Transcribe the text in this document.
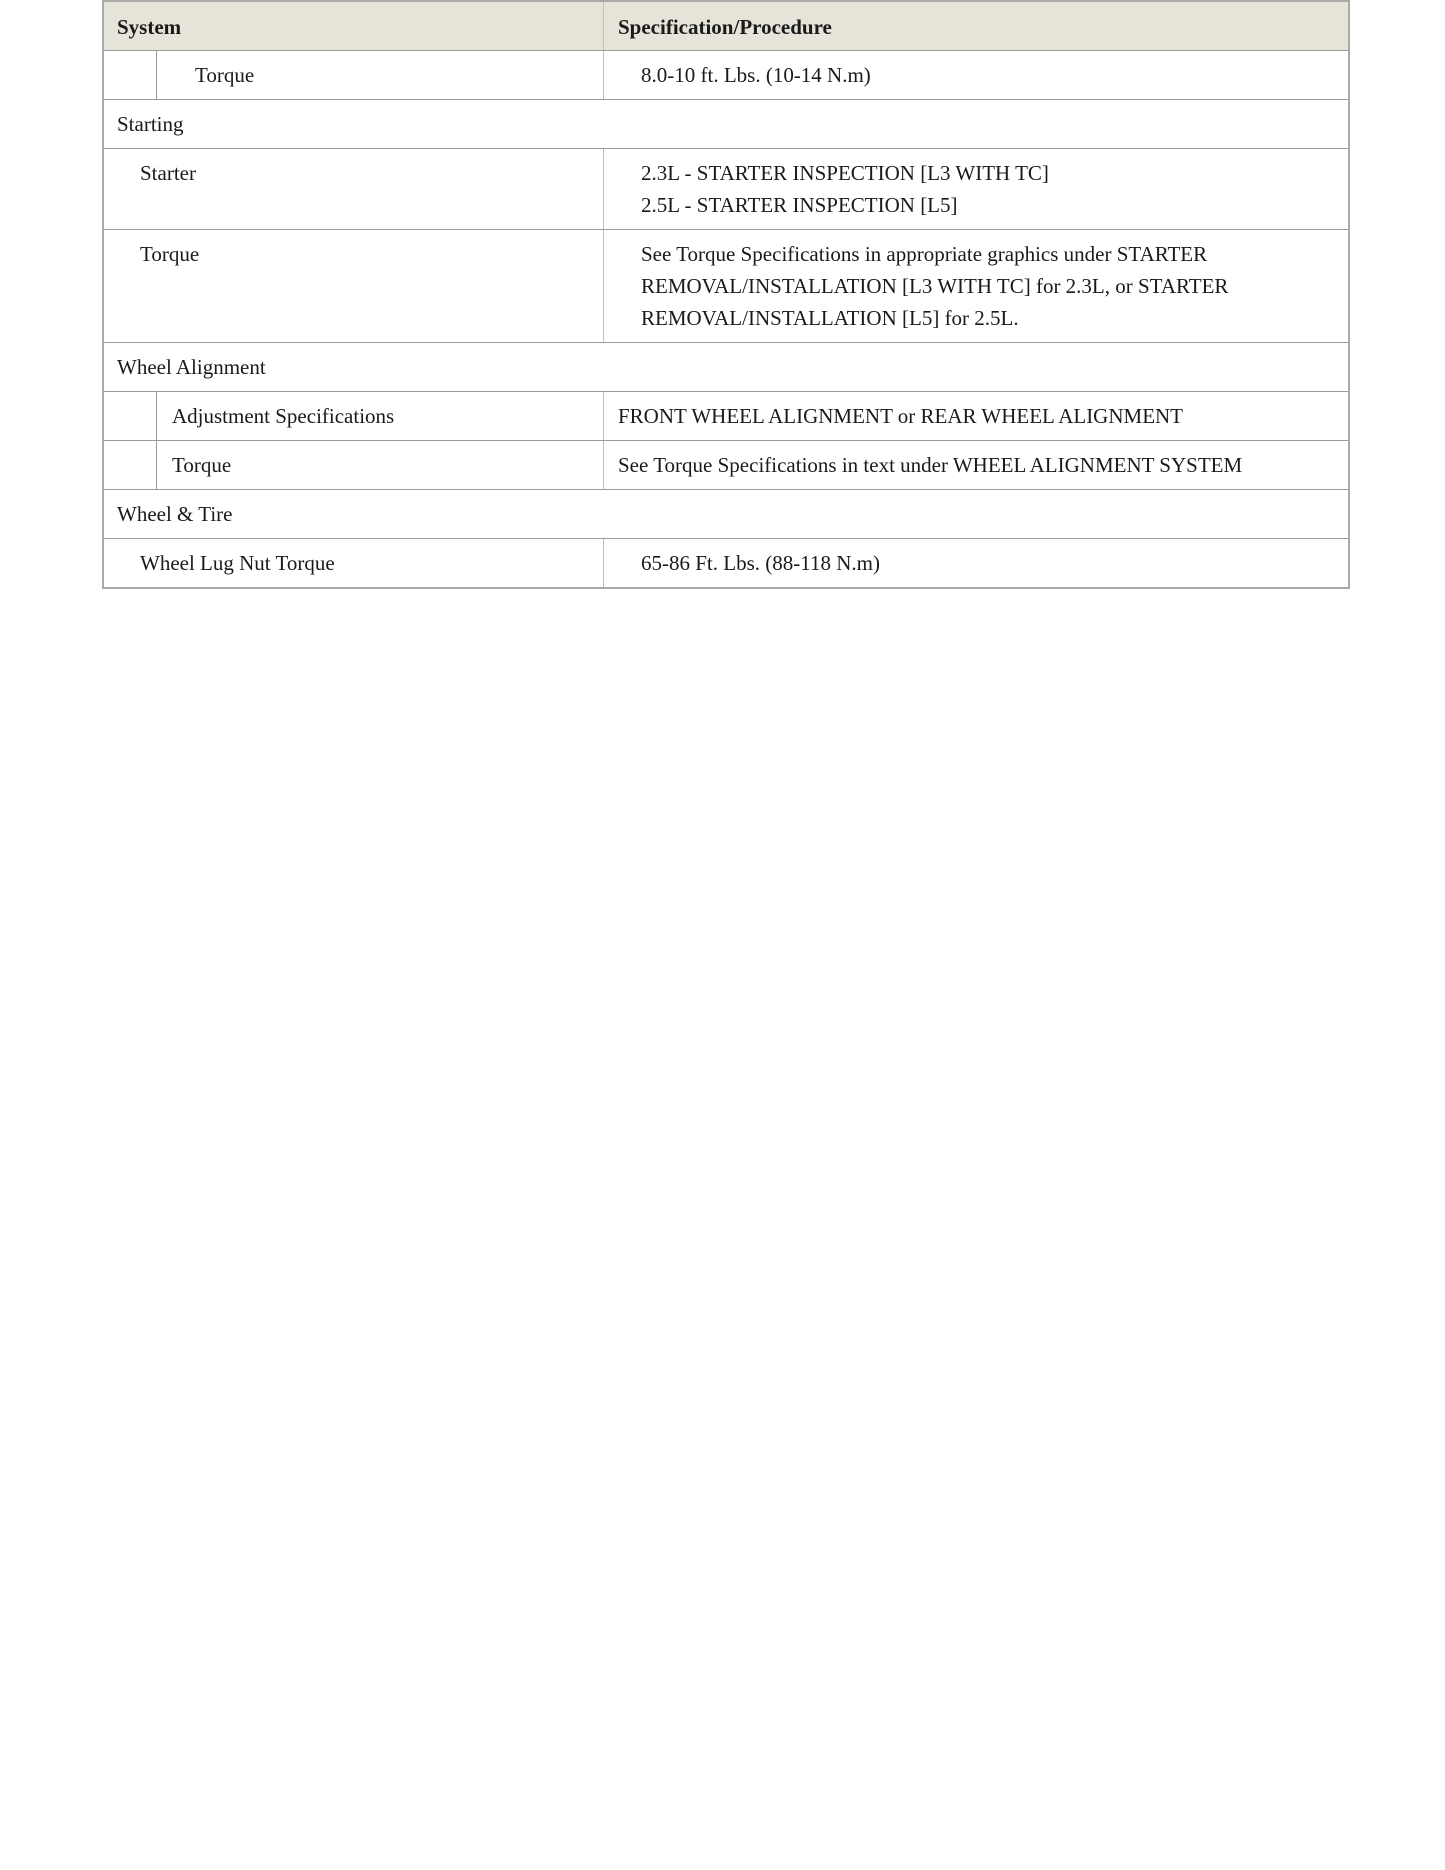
System	Specification/Procedure
Torque	8.0-10 ft. Lbs. (10-14 N.m)
Starting
Starter	2.3L - STARTER INSPECTION [L3 WITH TC]
2.5L - STARTER INSPECTION [L5]
Torque	See Torque Specifications in appropriate graphics under STARTER
REMOVAL/INSTALLATION [L3 WITH TC] for 2.3L, or STARTER
REMOVAL/INSTALLATION [L5] for 2.5L.
Wheel Alignment
Adjustment Specifications	FRONT WHEEL ALIGNMENT or REAR WHEEL ALIGNMENT
Torque	See Torque Specifications in text under WHEEL ALIGNMENT SYSTEM
Wheel & Tire
Wheel Lug Nut Torque	65-86 Ft. Lbs. (88-118 N.m)
